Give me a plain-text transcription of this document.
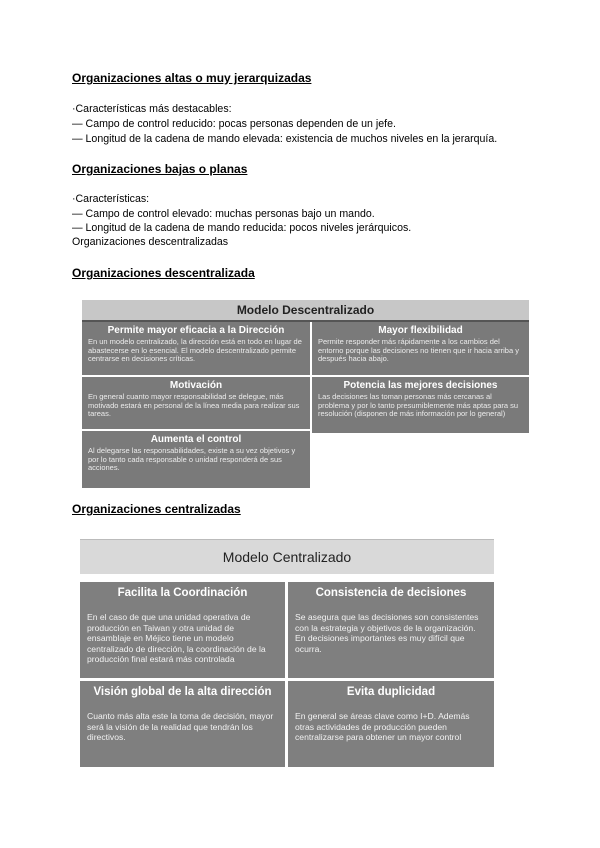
Organizaciones altas o muy jerarquizadas
·Características más destacables:
— Campo de control reducido: pocas personas dependen de un jefe.
— Longitud de la cadena de mando elevada: existencia de muchos niveles en la jerarquía.
Organizaciones bajas o planas
·Características:
— Campo de control elevado: muchas personas bajo un mando.
— Longitud de la cadena de mando reducida: pocos niveles jerárquicos.
Organizaciones descentralizadas
Organizaciones descentralizada
Modelo Descentralizado
Permite mayor eficacia a la Dirección
En un modelo centralizado, la dirección está en todo en lugar de abastecerse en lo esencial. El modelo descentralizado permite centrarse en decisiones críticas.
Mayor flexibilidad
Permite responder más rápidamente a los cambios del entorno porque las decisiones no tienen que ir hacia arriba y después hacia abajo.
Motivación
En general cuanto mayor responsabilidad se delegue, más motivado estará en personal de la línea media para realizar sus tareas.
Potencia las mejores decisiones
Las decisiones las toman personas más cercanas al problema y por lo tanto presumiblemente más aptas para su resolución (disponen de más información por lo general)
Aumenta el control
Al delegarse las responsabilidades, existe a su vez objetivos y por lo tanto cada responsable o unidad responderá de sus acciones.
Organizaciones centralizadas
Modelo Centralizado
Facilita la Coordinación
En el caso de que una unidad operativa de producción en Taiwan y otra unidad de ensamblaje en Méjico tiene un modelo centralizado de dirección, la coordinación de la producción final estará más controlada
Consistencia de decisiones
Se asegura que las decisiones son consistentes con la estrategia y objetivos de la organización. En decisiones importantes es muy difícil que ocurra.
Visión global de la alta dirección
Cuanto más alta este la toma de decisión, mayor será la visión de la realidad que tendrán los directivos.
Evita duplicidad
En general se áreas clave como I+D. Además otras actividades de producción pueden centralizarse para obtener un mayor control
